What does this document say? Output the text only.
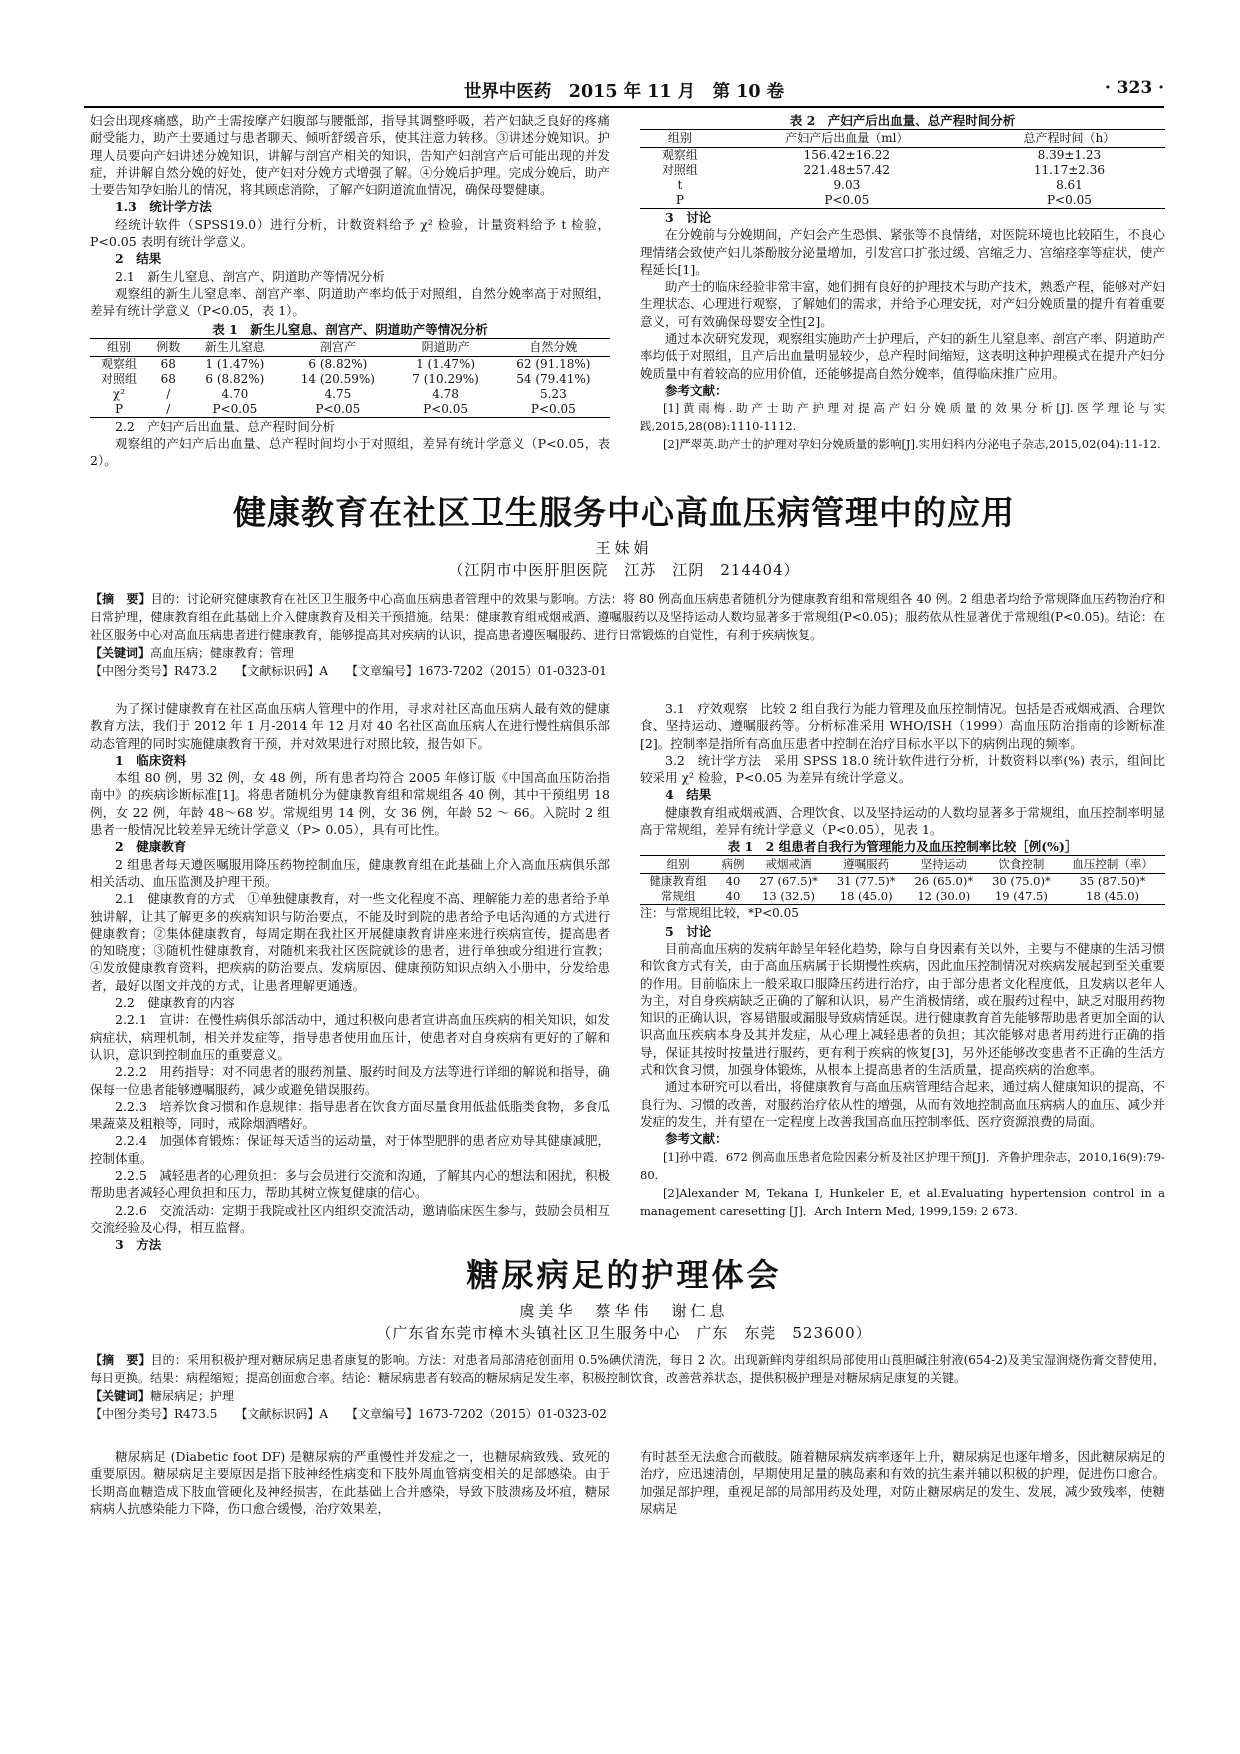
世界中医药　2015 年 11 月　第 10 卷	· 323 ·

妇会出现疼痛感，助产士需按摩产妇腹部与腰骶部，指导其调整呼吸，若产妇缺乏良好的疼痛耐受能力，助产士要通过与患者聊天、倾听舒缓音乐，使其注意力转移。③讲述分娩知识。护理人员要向产妇讲述分娩知识，讲解与剖宫产相关的知识，告知产妇剖宫产后可能出现的并发症，并讲解自然分娩的好处，使产妇对分娩方式增强了解。④分娩后护理。完成分娩后，助产士要告知孕妇胎儿的情况，将其顾虑消除，了解产妇阴道流血情况，确保母婴健康。

1.3　统计学方法

经统计软件（SPSS19.0）进行分析，计数资料给予 χ² 检验，计量资料给予 t 检验，P<0.05 表明有统计学意义。

2　结果

2.1　新生儿窒息、剖宫产、阴道助产等情况分析

观察组的新生儿窒息率、剖宫产率、阴道助产率均低于对照组，自然分娩率高于对照组，差异有统计学意义（P<0.05，表 1）。

表 1　新生儿窒息、剖宫产、阴道助产等情况分析
组别	例数	新生儿窒息	剖宫产	阴道助产	自然分娩
观察组	68	1 (1.47%)	6 (8.82%)	1 (1.47%)	62 (91.18%)
对照组	68	6 (8.82%)	14 (20.59%)	7 (10.29%)	54 (79.41%)
χ²	/	4.70	4.75	4.78	5.23
P	/	P<0.05	P<0.05	P<0.05	P<0.05

2.2　产妇产后出血量、总产程时间分析

观察组的产妇产后出血量、总产程时间均小于对照组，差异有统计学意义（P<0.05，表 2）。

表 2　产妇产后出血量、总产程时间分析
组别	产妇产后出血量（ml）	总产程时间（h）
观察组	156.42±16.22	8.39±1.23
对照组	221.48±57.42	11.17±2.36
t	9.03	8.61
P	P<0.05	P<0.05

3　讨论

在分娩前与分娩期间，产妇会产生恐惧、紧张等不良情绪，对医院环境也比较陌生，不良心理情绪会致使产妇儿茶酚胺分泌量增加，引发宫口扩张过缓、宫缩乏力、宫缩痉挛等症状，使产程延长[1]。

助产士的临床经验非常丰富，她们拥有良好的护理技术与助产技术，熟悉产程，能够对产妇生理状态、心理进行观察，了解她们的需求，并给予心理安抚，对产妇分娩质量的提升有着重要意义，可有效确保母婴安全性[2]。

通过本次研究发现，观察组实施助产士护理后，产妇的新生儿窒息率、剖宫产率、阴道助产率均低于对照组，且产后出血量明显较少，总产程时间缩短，这表明这种护理模式在提升产妇分娩质量中有着较高的应用价值，还能够提高自然分娩率，值得临床推广应用。

参考文献：

[1]黄雨梅.助产士助产护理对提高产妇分娩质量的效果分析[J].医学理论与实践,2015,28(08):1110-1112.

[2]严翠英.助产士的护理对孕妇分娩质量的影响[J].实用妇科内分泌电子杂志,2015,02(04):11-12.

健康教育在社区卫生服务中心高血压病管理中的应用
王妹娟
（江阴市中医肝胆医院　江苏　江阴　214404）
【摘　要】目的：讨论研究健康教育在社区卫生服务中心高血压病患者管理中的效果与影响。方法：将 80 例高血压病患者随机分为健康教育组和常规组各 40 例。2 组患者均给予常规降血压药物治疗和日常护理，健康教育组在此基础上介入健康教育及相关干预措施。结果：健康教育组戒烟戒酒、遵嘱服药以及坚持运动人数均显著多于常规组(P<0.05)；服药依从性显著优于常规组(P<0.05)。结论：在社区服务中心对高血压病患者进行健康教育，能够提高其对疾病的认识，提高患者遵医嘱服药、进行日常锻炼的自觉性，有利于疾病恢复。
【关键词】高血压病；健康教育；管理
【中图分类号】R473.2　　【文献标识码】A　　【文章编号】1673-7202（2015）01-0323-01

为了探讨健康教育在社区高血压病人管理中的作用，寻求对社区高血压病人最有效的健康教育方法，我们于 2012 年 1 月-2014 年 12 月对 40 名社区高血压病人在进行慢性病俱乐部动态管理的同时实施健康教育干预，并对效果进行对照比较，报告如下。

1　临床资料

本组 80 例，男 32 例，女 48 例，所有患者均符合 2005 年修订版《中国高血压防治指南中》的疾病诊断标准[1]。将患者随机分为健康教育组和常规组各 40 例，其中干预组男 18 例，女 22 例，年龄 48～68 岁。常规组男 14 例，女 36 例，年龄 52 ～ 66。入院时 2 组患者一般情况比较差异无统计学意义（P> 0.05），具有可比性。

2　健康教育

2 组患者每天遵医嘱服用降压药物控制血压，健康教育组在此基础上介入高血压病俱乐部相关活动、血压监测及护理干预。

2.1　健康教育的方式　①单独健康教育，对一些文化程度不高、理解能力差的患者给予单独讲解，让其了解更多的疾病知识与防治要点，不能及时到院的患者给予电话沟通的方式进行健康教育；②集体健康教育，每周定期在我社区开展健康教育讲座来进行疾病宣传，提高患者的知晓度；③随机性健康教育，对随机来我社区医院就诊的患者，进行单独或分组进行宣教；④发放健康教育资料，把疾病的防治要点、发病原因、健康预防知识点纳入小册中，分发给患者，最好以图文并茂的方式，让患者理解更通透。

2.2　健康教育的内容

2.2.1　宣讲：在慢性病俱乐部活动中，通过积极向患者宣讲高血压疾病的相关知识，如发病症状，病理机制，相关并发症等，指导患者使用血压计，使患者对自身疾病有更好的了解和认识，意识到控制血压的重要意义。

2.2.2　用药指导：对不同患者的服药剂量、服药时间及方法等进行详细的解说和指导，确保每一位患者能够遵嘱服药，减少或避免错误服药。

2.2.3　培养饮食习惯和作息规律：指导患者在饮食方面尽量食用低盐低脂类食物，多食瓜果蔬菜及粗粮等，同时，戒除烟酒嗜好。

2.2.4　加强体育锻炼：保证每天适当的运动量，对于体型肥胖的患者应劝导其健康减肥，控制体重。

2.2.5　减轻患者的心理负担：多与会员进行交流和沟通，了解其内心的想法和困扰，积极帮助患者减轻心理负担和压力，帮助其树立恢复健康的信心。

2.2.6　交流活动：定期于我院或社区内组织交流活动，邀请临床医生参与，鼓励会员相互交流经验及心得，相互监督。

3　方法

3.1　疗效观察　比较 2 组自我行为能力管理及血压控制情况。包括是否戒烟戒酒、合理饮食、坚持运动、遵嘱服药等。分析标准采用 WHO/ISH（1999）高血压防治指南的诊断标准[2]。控制率是指所有高血压患者中控制在治疗目标水平以下的病例出现的频率。

3.2　统计学方法　采用 SPSS 18.0 统计软件进行分析，计数资料以率(%) 表示，组间比较采用 χ² 检验，P<0.05 为差异有统计学意义。

4　结果

健康教育组戒烟戒酒、合理饮食、以及坚持运动的人数均显著多于常规组，血压控制率明显高于常规组，差异有统计学意义（P<0.05），见表 1。

表 1　2 组患者自我行为管理能力及血压控制率比较［例(%)］
组别	病例	戒烟戒酒	遵嘱服药	坚持运动	饮食控制	血压控制（率）
健康教育组	40	27 (67.5)*	31 (77.5)*	26 (65.0)*	30 (75.0)*	35 (87.50)*
常规组	40	13 (32.5)	18 (45.0)	12 (30.0)	19 (47.5)	18 (45.0)
注：与常规组比较，*P<0.05

5　讨论

目前高血压病的发病年龄呈年轻化趋势，除与自身因素有关以外，主要与不健康的生活习惯和饮食方式有关，由于高血压病属于长期慢性疾病，因此血压控制情况对疾病发展起到至关重要的作用。目前临床上一般采取口服降压药进行治疗，由于部分患者文化程度低，且发病以老年人为主，对自身疾病缺乏正确的了解和认识，易产生消极情绪，或在服药过程中，缺乏对服用药物知识的正确认识，容易错服或漏服导致病情延误。进行健康教育首先能够帮助患者更加全面的认识高血压疾病本身及其并发症，从心理上减轻患者的负担；其次能够对患者用药进行正确的指导，保证其按时按量进行服药，更有利于疾病的恢复[3]，另外还能够改变患者不正确的生活方式和饮食习惯，加强身体锻炼，从根本上提高患者的生活质量，提高疾病的治愈率。

通过本研究可以看出，将健康教育与高血压病管理结合起来，通过病人健康知识的提高，不良行为、习惯的改善，对服药治疗依从性的增强，从而有效地控制高血压病病人的血压、减少并发症的发生，并有望在一定程度上改善我国高血压控制率低、医疗资源浪费的局面。

参考文献：

[1]孙中霞．672 例高血压患者危险因素分析及社区护理干预[J]．齐鲁护理杂志，2010,16(9):79-80.

[2]Alexander M, Tekana I, Hunkeler E, et al.Evaluating hypertension control in a management caresetting [J]．Arch Intern Med, 1999,159: 2 673.

糖尿病足的护理体会
虞美华　蔡华伟　谢仁息
（广东省东莞市樟木头镇社区卫生服务中心　广东　东莞　523600）
【摘　要】目的：采用积极护理对糖尿病足患者康复的影响。方法：对患者局部清疮创面用 0.5%碘伏清洗，每日 2 次。出现新鲜肉芽组织局部使用山莨胆碱注射液(654-2)及美宝湿润烧伤膏交替使用，每日更换。结果：病程缩短；提高创面愈合率。结论：糖尿病患者有较高的糖尿病足发生率，积极控制饮食，改善营养状态，提供积极护理是对糖尿病足康复的关键。
【关键词】糖尿病足；护理
【中图分类号】R473.5　　【文献标识码】A　　【文章编号】1673-7202（2015）01-0323-02

糖尿病足 (Diabetic foot DF) 是糖尿病的严重慢性并发症之一，也糖尿病致残、致死的重要原因。糖尿病足主要原因是指下肢神经性病变和下肢外周血管病变相关的足部感染。由于长期高血糖造成下肢血管硬化及神经损害，在此基础上合并感染，导致下肢溃疡及坏疽，糖尿病病人抗感染能力下降，伤口愈合缓慢，治疗效果差，

有时甚至无法愈合而截肢。随着糖尿病发病率逐年上升，糖尿病足也逐年增多，因此糖尿病足的治疗，应迅速清创，早期使用足量的胰岛素和有效的抗生素并辅以积极的护理，促进伤口愈合。加强足部护理，重视足部的局部用药及处理，对防止糖尿病足的发生、发展，减少致残率，使糖尿病足
